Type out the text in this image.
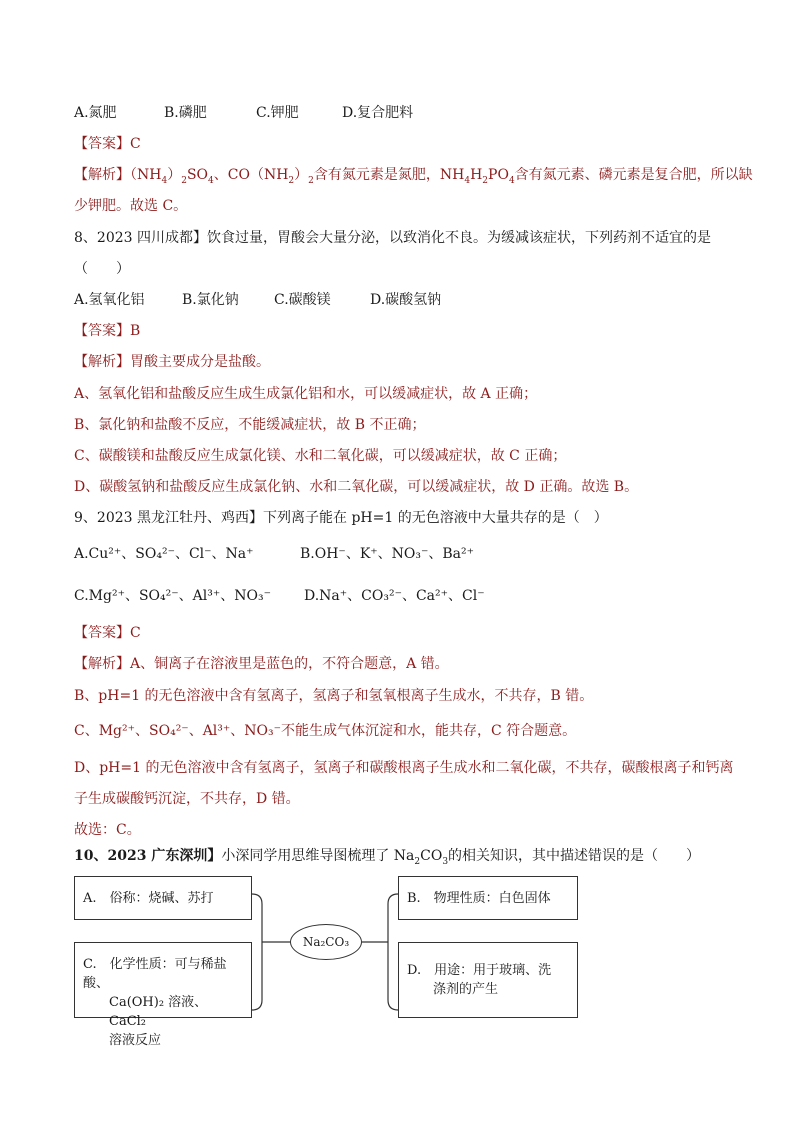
A.氮肥	B.磷肥	C.钾肥	D.复合肥料
【答案】C
【解析】$(NH_4)_2SO_4$、$CO(NH_2)_2$含有氮元素是氮肥，$NH_4H_2PO_4$含有氮元素、磷元素是复合肥，所以缺
少钾肥。故选 C。
8、2023 四川成都】饮食过量，胃酸会大量分泌，以致消化不良。为缓减该症状，下列药剂不适宜的是
（　　）
A.氢氧化铝	B.氯化钠	C.碳酸镁	D.碳酸氢钠
【答案】B
【解析】胃酸主要成分是盐酸。
A、氢氧化铝和盐酸反应生成生成氯化铝和水，可以缓减症状，故 A 正确；
B、氯化钠和盐酸不反应，不能缓减症状，故 B 不正确；
C、碳酸镁和盐酸反应生成氯化镁、水和二氧化碳，可以缓减症状，故 C 正确；
D、碳酸氢钠和盐酸反应生成氯化钠、水和二氧化碳，可以缓减症状，故 D 正确。故选 B。
9、2023 黑龙江牡丹、鸡西】下列离子能在 pH=1 的无色溶液中大量共存的是（　）
A.Cu²⁺、SO₄²⁻、Cl⁻、Na⁺	B.OH⁻、K⁺、NO₃⁻、Ba²⁺
C.Mg²⁺、SO₄²⁻、Al³⁺、NO₃⁻ D.Na⁺、CO₃²⁻、Ca²⁺、Cl⁻
【答案】C
【解析】A、铜离子在溶液里是蓝色的，不符合题意，A 错。
B、pH=1 的无色溶液中含有氢离子，氢离子和氢氧根离子生成水，不共存，B 错。
C、Mg²⁺、SO₄²⁻、Al³⁺、NO₃⁻不能生成气体沉淀和水，能共存，C 符合题意。
D、pH=1 的无色溶液中含有氢离子，氢离子和碳酸根离子生成水和二氧化碳，不共存，碳酸根离子和钙离
子生成碳酸钙沉淀，不共存，D 错。
故选：C。
10、2023 广东深圳】小深同学用思维导图梳理了 $Na_2CO_3$的相关知识，其中描述错误的是（　　）
A.　俗称：烧碱、苏打
C.　化学性质：可与稀盐酸、
Ca(OH)₂ 溶液、CaCl₂
溶液反应
Na₂CO₃
B.　物理性质：白色固体
D.　用途：用于玻璃、洗
涤剂的产生
